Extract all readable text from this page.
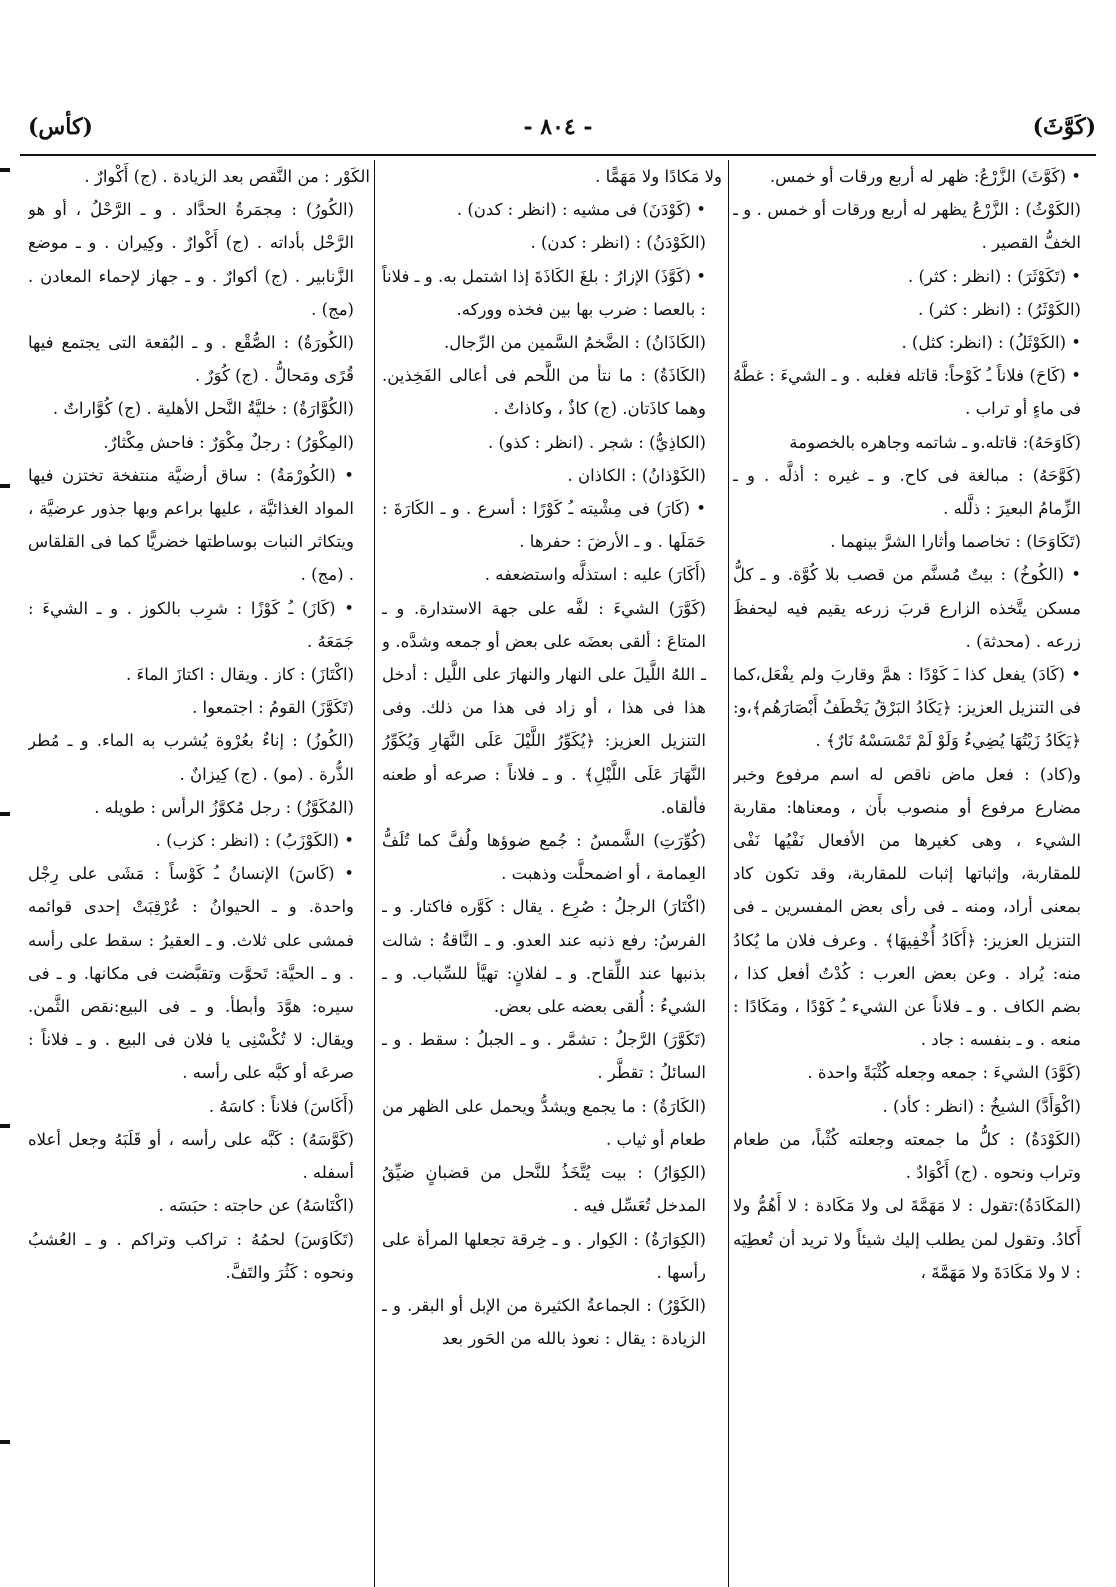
(كَوَّثَ)
- ٨٠٤ -
(كأس)

• (كَوَّثَ) الزَّرْعُ: ظهر له أربع ورقات أو خمس.

(الكَوْثُ) : الزَّرْعُ يظهر له أربع ورقات أو خمس . و ـ الخفُّ القصير .

• (تَكَوْثَرَ) : (انظر : كثر) .

(الكَوْثَرُ) : (انظر : كثر) .

• (الكَوْثَلُ) : (انظر: كثل) .

• (كَاحَ) فلاناً ـُ كَوْحاً: قاتله فغلبه . و ـ الشيءَ : غطَّهُ فى ماءٍ أو تراب .

(كَاوَحَهُ): قاتله.و ـ شاتمه وجاهره بالخصومة

(كَوَّحَهُ) : مبالغة فى كاح. و ـ غيره : أذلَّه . و ـ الزِّمامُ البعيرَ : ذلَّله .

(تَكَاوَحَا) : تخاصما وأثارا الشرَّ بينهما .

• (الكُوخُ) : بيتٌ مُسنَّم من قصب بلا كُوَّة. و ـ كلُّ مسكن يتَّخذه الزارع قربَ زرعه يقيم فيه ليحفظَ زرعه . (محدثة) .

• (كَادَ) يفعل كذا ـَ كَوْدًا : همَّ وقاربَ ولم يفْعَل،كما فى التنزيل العزيز: ﴿يَكَادُ البَرْقُ يَخْطَفُ أَبْصَارَهُم﴾،و: ﴿يَكَادُ زَيْتُهَا يُضِيءُ وَلَوْ لَمْ تَمْسَسْهُ نَارٌ﴾ .

و(كاد) : فعل ماض ناقص له اسم مرفوع وخبر مضارع مرفوع أو منصوب بأَن ، ومعناها: مقاربة الشيء ، وهى كغيرها من الأفعال نَفْيُها نَفْى للمقاربة، وإثباتها إثبات للمقاربة، وقد تكون كاد بمعنى أراد، ومنه ـ فى رأى بعض المفسرين ـ فى التنزيل العزيز: ﴿أَكَادُ أُخْفِيهَا﴾ . وعرف فلان ما يُكادُ منه: يُراد . وعن بعض العرب : كُدْتُ أفعل كذا ، بضم الكاف . و ـ فلاناً عن الشيء ـُ كَوْدًا ، ومَكَادًا : منعه . و ـ بنفسه : جاد .

(كَوَّدَ) الشيءَ : جمعه وجعله كُثْبَةً واحدة .

(اكْوَأَدَّ) الشيخُ : (انظر : كأد) .

(الكَوْدَةُ) : كلُّ ما جمعته وجعلته كُثْباً، من طعام وتراب ونحوه . (ج) أَكْوَادٌ .

(المَكَادَةُ):تقول : لا مَهَمَّةَ لى ولا مَكَادة : لا أَهُمُّ ولا أَكادُ. وتقول لمن يطلب إليك شيئاً ولا تريد أن تُعطِيَه : لا ولا مَكَادَةَ ولا مَهَمَّةَ ،

ولا مَكادًا ولا مَهَمًّا .

• (كَوْدَنَ) فى مشيه : (انظر : كدن) .

(الكَوْدَنُ) : (انظر : كدن) .

• (كَوَّذَ) الإزارُ : بلغَ الكَاذَةَ إذا اشتمل به. و ـ فلاناً : بالعصا : ضرب بها بين فخذه ووركه.

(الكَاذَانُ) : الضَّخمُ السَّمين من الرِّجال.

(الكَاذَةُ) : ما نتأ من اللَّحم فى أعالى الفَخِذين. وهما كاذَتان. (ج) كاذٌ ، وكاذاتٌ .

(الكاذِيُّ) : شجر . (انظر : كذو) .

(الكَوْذانُ) : الكاذان .

• (كَارَ) فى مِشْيته ـُ كَوْرًا : أسرع . و ـ الكَارَةَ : حَمَلَها . و ـ الأرضَ : حفرها .

(أَكَارَ) عليه : استذلَّه واستضعفه .

(كَوَّرَ) الشيءَ : لفَّه على جهة الاستدارة. و ـ المتاعَ : ألقى بعضَه على بعض أو جمعه وشدَّه. و ـ اللهُ اللَّيلَ على النهار والنهارَ على اللَّيل : أدخل هذا فى هذا ، أو زاد فى هذا من ذلك. وفى التنزيل العزيز: ﴿يُكَوِّرُ اللَّيْلَ عَلَى النَّهَارِ وَيُكَوِّرُ النَّهَارَ عَلَى اللَّيْلِ﴾ . و ـ فلاناً : صرعه أو طعنه فألقاه.

(كُوِّرَتِ) الشَّمسُ : جُمع ضوؤها ولُفَّ كما تُلَفُّ العِمامة ، أو اضمحلَّت وذهبت .

(اكْتَارَ) الرجلُ : صُرِع . يقال : كَوَّره فاكتار. و ـ الفرسُ: رفع ذنبه عند العدو. و ـ النَّاقةُ : شالت بذنبها عند اللِّقاح. و ـ لفلانٍ: تهيَّأ للسِّباب. و ـ الشيءُ : أُلقى بعضه على بعض.

(تَكَوَّرَ) الرَّجلُ : تشمَّر . و ـ الجبلُ : سقط . و ـ السائلُ : تقطَّر .

(الكَارَةُ) : ما يجمع ويشدُّ ويحمل على الظهر من طعام أو ثياب .

(الكِوَارُ) : بيت يُتَّخَذُ للنَّحل من قضبانٍ ضيِّقُ المدخل تُعَسِّل فيه .

(الكِوَارَةُ) : الكِوار . و ـ خِرقة تجعلها المرأة على رأسها .

(الكَوْرُ) : الجماعةُ الكثيرة من الإبل أو البقر. و ـ الزيادة : يقال : نعوذ بالله من الحَور بعد

الكَوْر : من النَّقص بعد الزيادة . (ج) أَكْوارٌ .

(الكُورُ) : مِجمَرةُ الحدَّاد . و ـ الرَّحْلُ ، أو هو الرَّحْل بأداته . (ج) أَكْوارٌ . وكِيران . و ـ موضع الزَّنابير . (ج) أكوارٌ . و ـ جهاز لإحماء المعادن . (مج) .

(الكُورَةُ) : الصُّقْع . و ـ البُقعة التى يجتمع فيها قُرًى ومَحالُّ . (ج) كُوَرٌ .

(الكُوَّارَةُ) : خليَّةُ النَّحل الأهلية . (ج) كُوَّاراتٌ .

(المِكْوَرُ) : رجلٌ مِكْوَرٌ : فاحش مِكْثارٌ.

• (الكُورْمَةُ) : ساق أرضيَّة منتفخة تختزن فيها المواد الغذائيَّة ، عليها براعم وبها جذور عرضيَّة ، ويتكاثر النبات بوساطتها خضريًّا كما فى القلقاس . (مج) .

• (كَازَ) ـُ كَوْزًا : شرِب بالكوز . و ـ الشيءَ : جَمَعَهُ .

(اكْتَازَ) : كاز . ويقال : اكتازَ الماءَ .

(تَكَوَّزَ) القومُ : اجتمعوا .

(الكُوزُ) : إناءٌ بعُرْوة يُشرب به الماء. و ـ مُطر الذُّرة . (مو) . (ج) كِيزانٌ .

(المُكَوَّزُ) : رجل مُكوَّزُ الرأس : طويله .

• (الكَوْزَبُ) : (انظر : كزب) .

• (كَاسَ) الإنسانُ ـُ كَوْساً : مَشَى على رِجْل واحدة. و ـ الحيوانُ : عُرْقِبَتْ إحدى قوائمه فمشى على ثلاث. و ـ العقيرُ : سقط على رأسه . و ـ الحيَّة: تَحوَّت وتقبَّضت فى مكانها. و ـ فى سيره: هوَّدَ وأبطأ. و ـ فى البيع:نقص الثَّمن. ويقال: لا تُكْسْنِى يا فلان فى البيع . و ـ فلاناً : صرعَه أو كبَّه على رأسه .

(أَكَاسَ) فلاناً : كاسَهُ .

(كَوَّسَهُ) : كَبَّه على رأسه ، أو قَلَبَهُ وجعل أعلاه أسفله .

(اكْتَاسَهُ) عن حاجته : حبَسَه .

(تَكَاوَسَ) لحمُهُ : تراكب وتراكم . و ـ العُشبُ ونحوه : كَثُرَ والتَفَّ.
